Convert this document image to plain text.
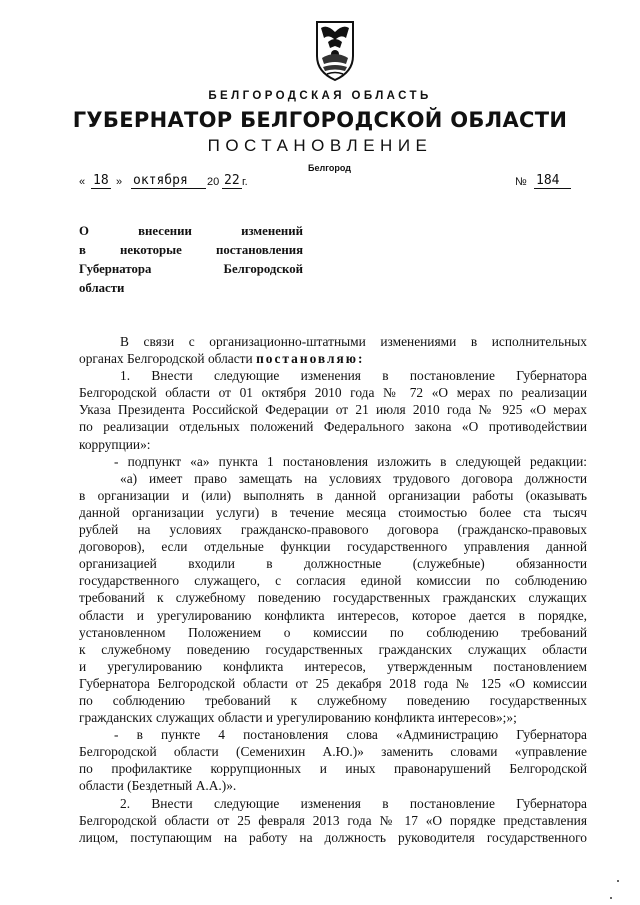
БЕЛГОРОДСКАЯ ОБЛАСТЬ
ГУБЕРНАТОР БЕЛГОРОДСКОЙ ОБЛАСТИ
ПОСТАНОВЛЕНИЕ
Белгород
« 18 » октября	20 22 г.	№ 184
О      внесении      изменений
в некоторые постановления
Губернатора     Белгородской
области
В связи с организационно-штатными изменениями в исполнительных
органах Белгородской области постановляю:
1. Внести следующие изменения в постановление Губернатора
Белгородской области от 01 октября 2010 года № 72 «О мерах по реализации
Указа Президента Российской Федерации от 21 июля 2010 года № 925 «О мерах
по реализации отдельных положений Федерального закона «О противодействии
коррупции»:
- подпункт «а» пункта 1 постановления изложить в следующей редакции:
«а) имеет право замещать на условиях трудового договора должности
в организации и (или) выполнять в данной организации работы (оказывать
данной организации услуги) в течение месяца стоимостью более ста тысяч
рублей на условиях гражданско-правового договора (гражданско-правовых
договоров), если отдельные функции государственного управления данной
организацией входили в должностные (служебные) обязанности
государственного служащего, с согласия единой комиссии по соблюдению
требований к служебному поведению государственных гражданских служащих
области и урегулированию конфликта интересов, которое дается в порядке,
установленном Положением о комиссии по соблюдению требований
к служебному поведению государственных гражданских служащих области
и урегулированию конфликта интересов, утвержденным постановлением
Губернатора Белгородской области от 25 декабря 2018 года № 125 «О комиссии
по соблюдению требований к служебному поведению государственных
гражданских служащих области и урегулированию конфликта интересов»;»;
- в пункте 4 постановления слова «Администрацию Губернатора
Белгородской области (Семенихин А.Ю.)» заменить словами «управление
по профилактике коррупционных и иных правонарушений Белгородской
области (Бездетный А.А.)».
2. Внести следующие изменения в постановление Губернатора
Белгородской области от 25 февраля 2013 года № 17 «О порядке представления
лицом, поступающим на работу на должность руководителя государственного
